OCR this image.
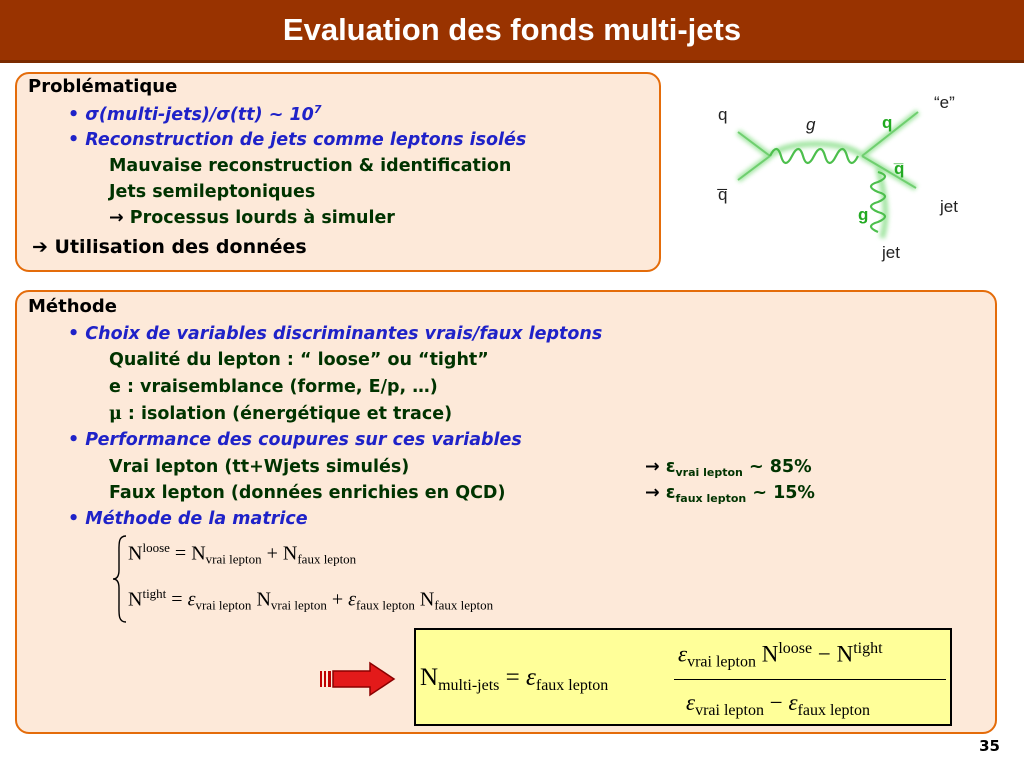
Evaluation des fonds multi-jets
Problématique
• σ(multi-jets)/σ(tt) ~ $10^7$
• Reconstruction de jets comme leptons isolés
Mauvaise reconstruction & identification
Jets semileptoniques
→ Processus lourds à simuler
➔ Utilisation des données
q
q̅
g	q
q̅
g
“e”
jet
jet
Méthode
• Choix de variables discriminantes vrais/faux leptons
Qualité du lepton : “ loose” ou “tight”
e : vraisemblance (forme, E/p, …)
μ : isolation (énergétique et trace)
• Performance des coupures sur ces variables
Vrai lepton (tt+Wjets simulés)	→ $\varepsilon_{vrai lepton}$ ~ 85%
Faux lepton (données enrichies en QCD)	→ $\varepsilon_{faux lepton}$ ~ 15%
• Méthode de la matrice
$N^{loose} = N_{vrai lepton} + N_{faux lepton}$
$N^{tight} = \varepsilon_{vrai lepton}$ $N_{vrai lepton} + \varepsilon_{faux lepton}$ $N_{faux lepton}$
$N_{multi-jets} = \varepsilon_{faux lepton}$
$\varepsilon_{vrai lepton}$ $N^{loose} - N^{tight}$
$\varepsilon_{vrai lepton} - \varepsilon_{faux lepton}$
35
